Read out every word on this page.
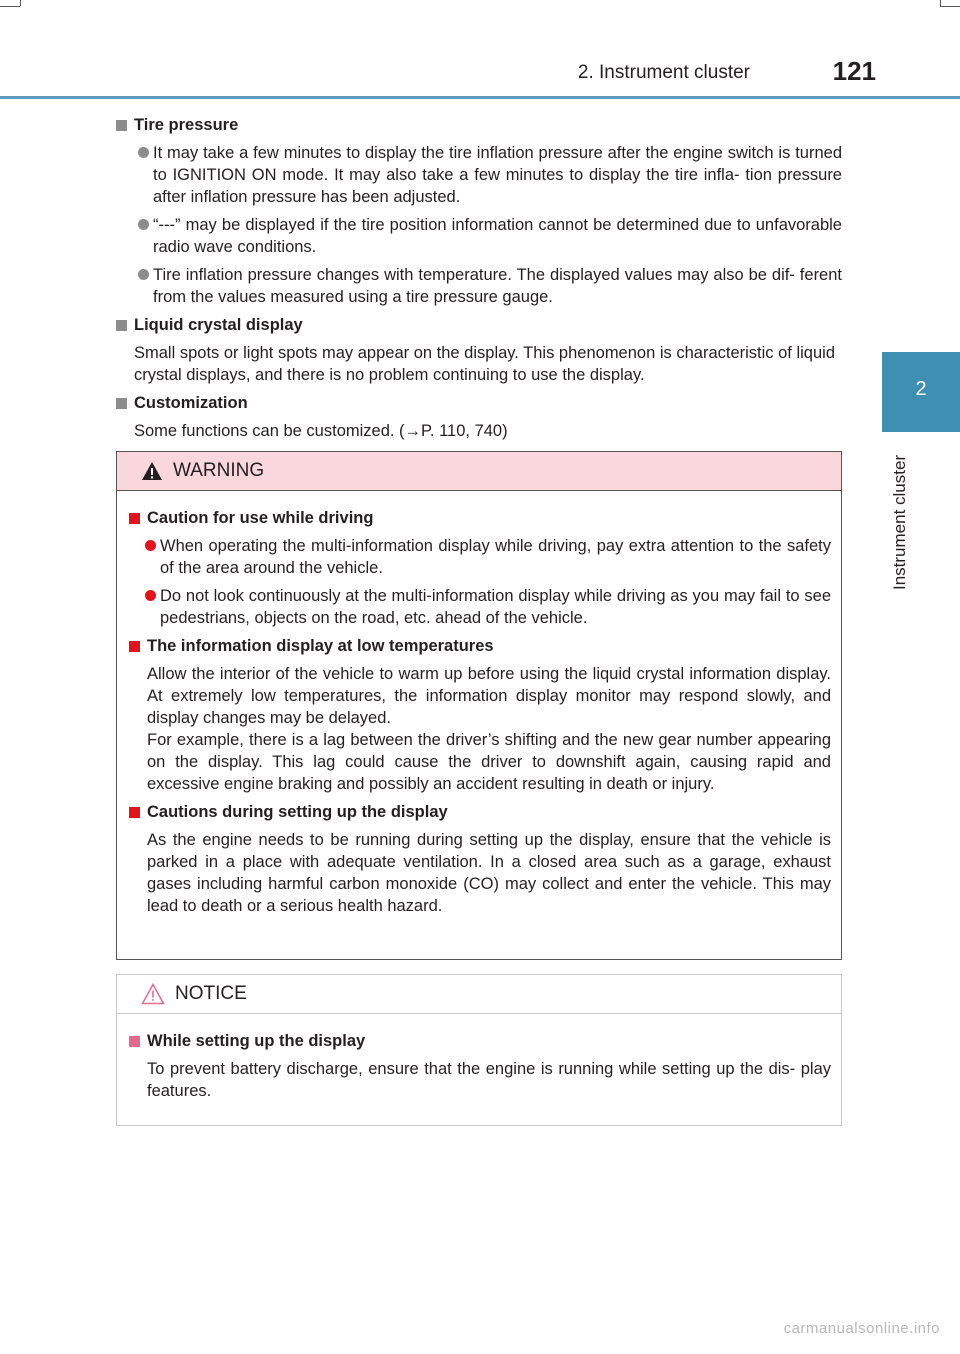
2. Instrument cluster	121
2
Instrument cluster
Tire pressure
It may take a few minutes to display the tire inflation pressure after the engine switch is turned to IGNITION ON mode. It may also take a few minutes to display the tire infla- tion pressure after inflation pressure has been adjusted.
“---” may be displayed if the tire position information cannot be determined due to unfavorable radio wave conditions.
Tire inflation pressure changes with temperature. The displayed values may also be dif- ferent from the values measured using a tire pressure gauge.
Liquid crystal display
Small spots or light spots may appear on the display. This phenomenon is characteristic of liquid crystal displays, and there is no problem continuing to use the display.
Customization
Some functions can be customized. (→P. 110, 740)
WARNING
Caution for use while driving
When operating the multi-information display while driving, pay extra attention to the safety of the area around the vehicle.
Do not look continuously at the multi-information display while driving as you may fail to see pedestrians, objects on the road, etc. ahead of the vehicle.
The information display at low temperatures
Allow the interior of the vehicle to warm up before using the liquid crystal information display. At extremely low temperatures, the information display monitor may respond slowly, and display changes may be delayed.
For example, there is a lag between the driver’s shifting and the new gear number appearing on the display. This lag could cause the driver to downshift again, causing rapid and excessive engine braking and possibly an accident resulting in death or injury.
Cautions during setting up the display
As the engine needs to be running during setting up the display, ensure that the vehicle is parked in a place with adequate ventilation. In a closed area such as a garage, exhaust gases including harmful carbon monoxide (CO) may collect and enter the vehicle. This may lead to death or a serious health hazard.
NOTICE
While setting up the display
To prevent battery discharge, ensure that the engine is running while setting up the dis- play features.
carmanualsonline.info
